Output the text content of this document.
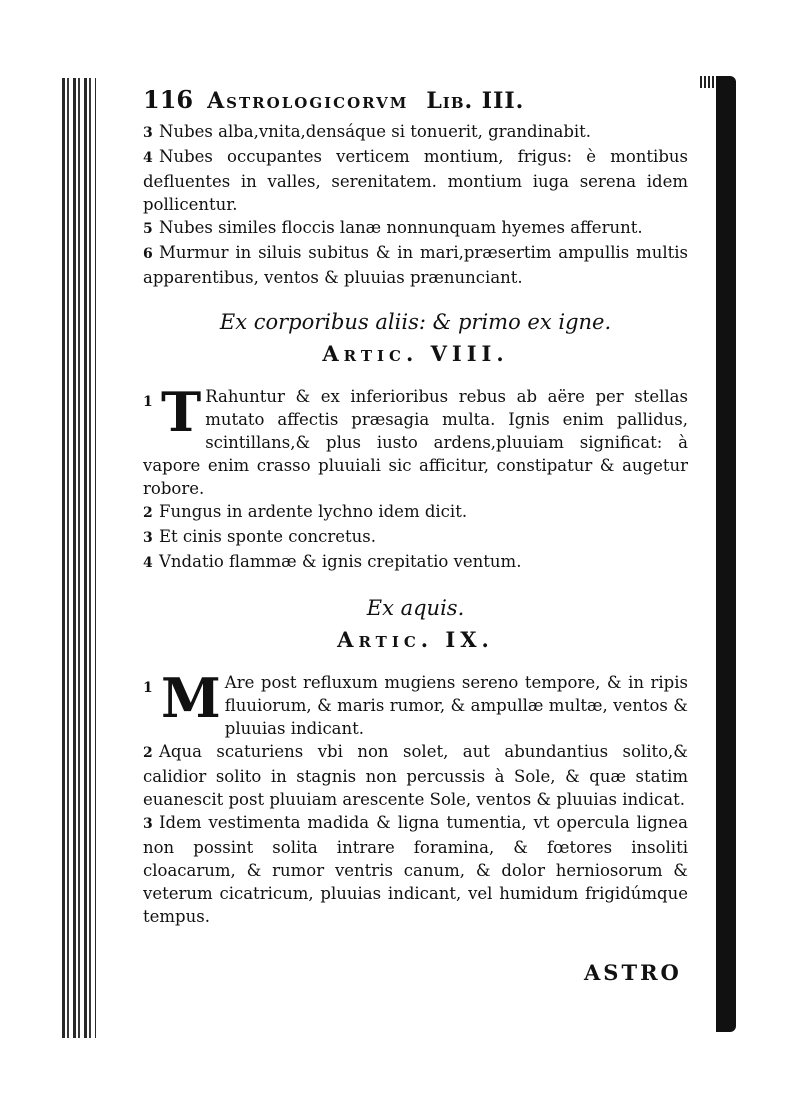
116 Astrologicorvm Lib. III.

3 Nubes alba,vnita,densáque si tonuerit, grandinabit.

4 Nubes occupantes verticem montium, frigus: è montibus defluentes in valles, serenitatem. montium iuga serena idem pollicentur.

5 Nubes similes floccis lanæ nonnunquam hyemes afferunt.

6 Murmur in siluis subitus & in mari,præsertim ampullis multis apparentibus, ventos & pluuias prænunciant.

Ex corporibus aliis: & primo ex igne.
Artic. VIII.
1 T Rahuntur & ex inferioribus rebus ab aëre per stellas mutato affectis præsagia multa. Ignis enim pallidus, scintillans,& plus iusto ardens,pluuiam significat: à vapore enim crasso pluuiali sic afficitur, constipatur & augetur robore.

2 Fungus in ardente lychno idem dicit.

3 Et cinis sponte concretus.

4 Vndatio flammæ & ignis crepitatio ventum.

Ex aquis.
Artic. IX.
1 M Are post refluxum mugiens sereno tempore, & in ripis fluuiorum, & maris rumor, & ampullæ multæ, ventos & pluuias indicant.

2 Aqua scaturiens vbi non solet, aut abundantius solito,& calidior solito in stagnis non percussis à Sole, & quæ statim euanescit post pluuiam arescente Sole, ventos & pluuias indicat.

3 Idem vestimenta madida & ligna tumentia, vt opercula lignea non possint solita intrare foramina, & fœtores insoliti cloacarum, & rumor ventris canum, & dolor herniosorum & veterum cicatricum, pluuias indicant, vel humidum frigidúmque tempus.

ASTRO
